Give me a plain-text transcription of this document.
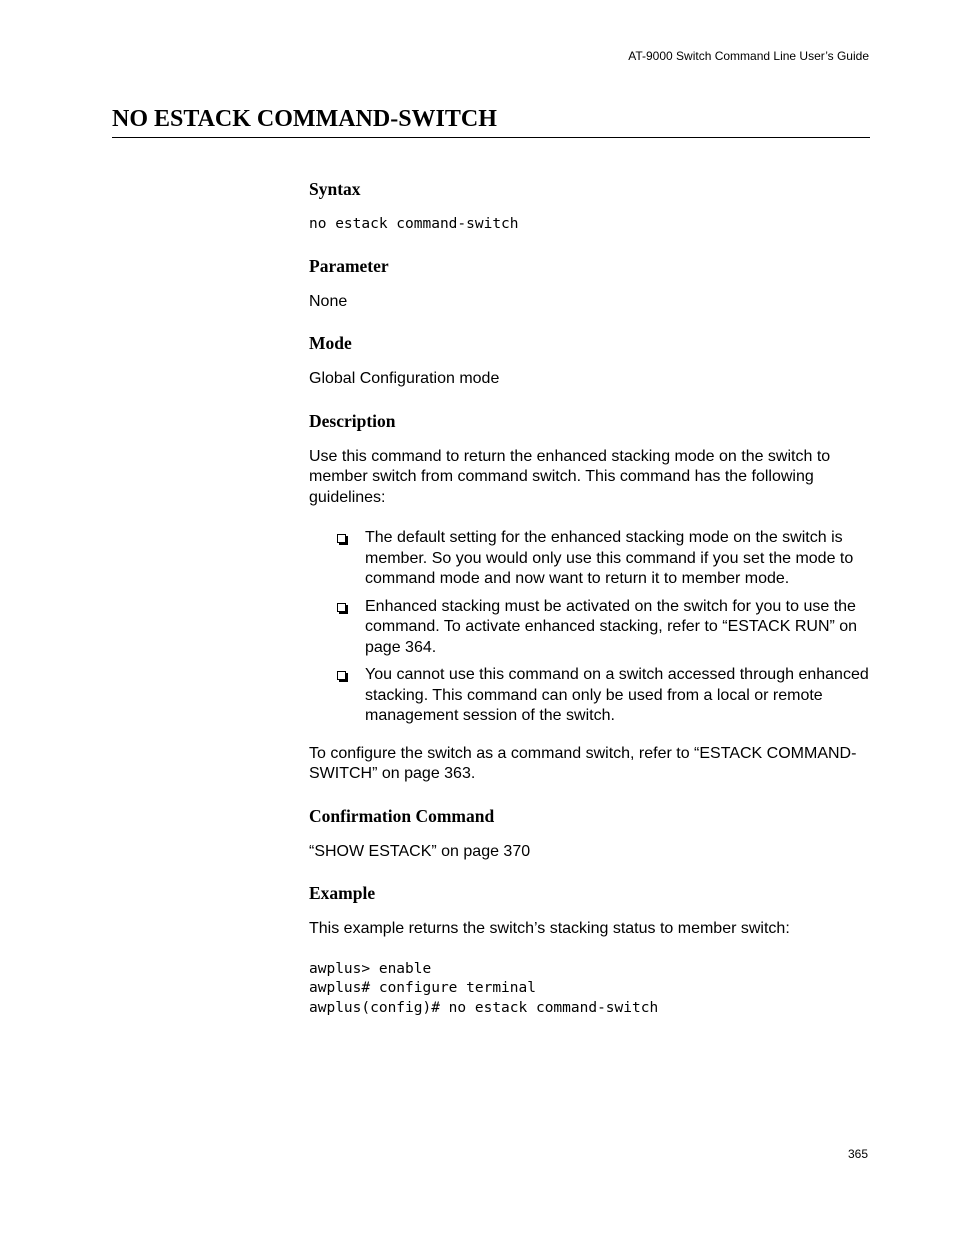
AT-9000 Switch Command Line User’s Guide
NO ESTACK COMMAND-SWITCH
Syntax
no estack command-switch
Parameter

None

Mode

Global Configuration mode

Description

Use this command to return the enhanced stacking mode on the switch to member switch from command switch. This command has the following guidelines:

The default setting for the enhanced stacking mode on the switch is member. So you would only use this command if you set the mode to command mode and now want to return it to member mode.
Enhanced stacking must be activated on the switch for you to use the command. To activate enhanced stacking, refer to “ESTACK RUN” on page 364.
You cannot use this command on a switch accessed through enhanced stacking. This command can only be used from a local or remote management session of the switch.

To configure the switch as a command switch, refer to “ESTACK COMMAND-SWITCH” on page 363.

Confirmation Command

“SHOW ESTACK” on page 370

Example

This example returns the switch’s stacking status to member switch:

awplus> enable
awplus# configure terminal
awplus(config)# no estack command-switch
365
